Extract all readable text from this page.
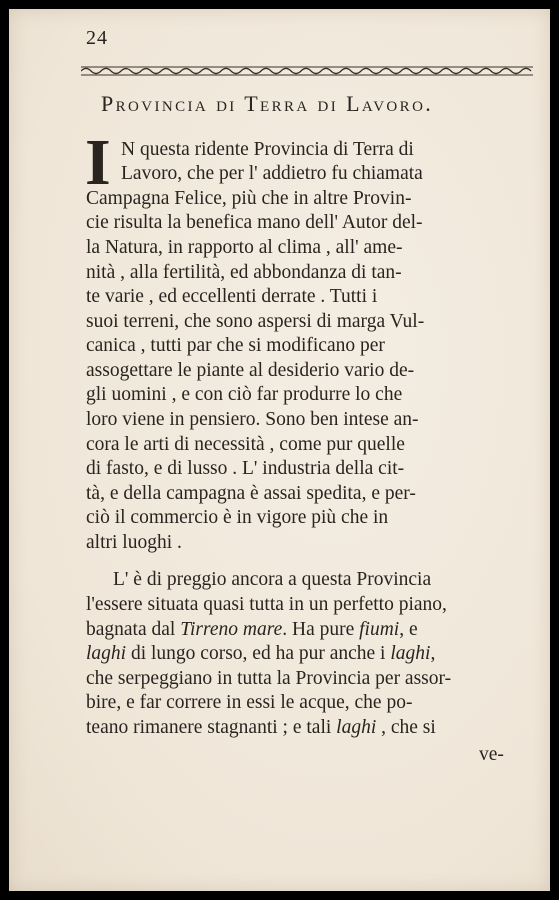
24
Provincia di Terra di Lavoro.
I N questa ridente Provincia di Terra di
Lavoro, che per l' addietro fu chiamata
Campagna Felice, più che in altre Provin-
cie risulta la benefica mano dell' Autor del-
la Natura, in rapporto al clima , all' ame-
nità , alla fertilità, ed abbondanza di tan-
te varie , ed eccellenti derrate . Tutti i
suoi terreni, che sono aspersi di marga Vul-
canica , tutti par che si modificano per
assogettare le piante al desiderio vario de-
gli uomini , e con ciò far produrre lo che
loro viene in pensiero. Sono ben intese an-
cora le arti di necessità , come pur quelle
di fasto, e di lusso . L' industria della cit-
tà, e della campagna è assai spedita, e per-
ciò il commercio è in vigore più che in
altri luoghi .
L' è di preggio ancora a questa Provincia
l'essere situata quasi tutta in un perfetto piano,
bagnata dal Tirreno mare. Ha pure fiumi, e
laghi di lungo corso, ed ha pur anche i laghi,
che serpeggiano in tutta la Provincia per assor-
bire, e far correre in essi le acque, che po-
teano rimanere stagnanti ; e tali laghi , che si
ve-
